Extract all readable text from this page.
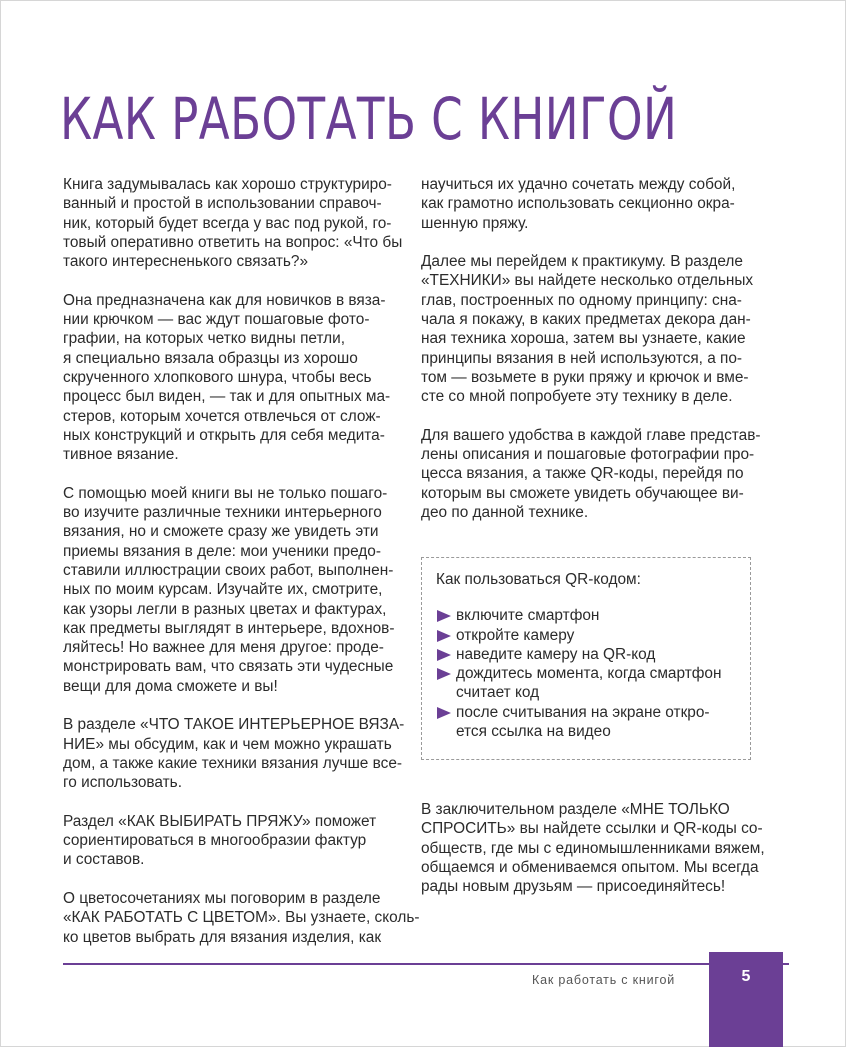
КАК РАБОТАТЬ С КНИГОЙ

Книга задумывалась как хорошо структуриро-
ванный и простой в использовании справоч-
ник, который будет всегда у вас под рукой, го-
товый оперативно ответить на вопрос: «Что бы
такого интересненького связать?»

Она предназначена как для новичков в вяза-
нии крючком — вас ждут пошаговые фото-
графии, на которых четко видны петли,
я специально вязала образцы из хорошо
скрученного хлопкового шнура, чтобы весь
процесс был виден, — так и для опытных ма-
стеров, которым хочется отвлечься от слож-
ных конструкций и открыть для себя медита-
тивное вязание.

С помощью моей книги вы не только пошаго-
во изучите различные техники интерьерного
вязания, но и сможете сразу же увидеть эти
приемы вязания в деле: мои ученики предо-
ставили иллюстрации своих работ, выполнен-
ных по моим курсам. Изучайте их, смотрите,
как узоры легли в разных цветах и фактурах,
как предметы выглядят в интерьере, вдохнов-
ляйтесь! Но важнее для меня другое: проде-
монстрировать вам, что связать эти чудесные
вещи для дома сможете и вы!

В разделе «ЧТО ТАКОЕ ИНТЕРЬЕРНОЕ ВЯЗА-
НИЕ» мы обсудим, как и чем можно украшать
дом, а также какие техники вязания лучше все-
го использовать.

Раздел «КАК ВЫБИРАТЬ ПРЯЖУ» поможет
сориентироваться в многообразии фактур
и составов.

О цветосочетаниях мы поговорим в разделе
«КАК РАБОТАТЬ С ЦВЕТОМ». Вы узнаете, сколь-
ко цветов выбрать для вязания изделия, как

научиться их удачно сочетать между собой,
как грамотно использовать секционно окра-
шенную пряжу.

Далее мы перейдем к практикуму. В разделе
«ТЕХНИКИ» вы найдете несколько отдельных
глав, построенных по одному принципу: сна-
чала я покажу, в каких предметах декора дан-
ная техника хороша, затем вы узнаете, какие
принципы вязания в ней используются, а по-
том — возьмете в руки пряжу и крючок и вме-
сте со мной попробуете эту технику в деле.

Для вашего удобства в каждой главе представ-
лены описания и пошаговые фотографии про-
цесса вязания, а также QR-коды, перейдя по
которым вы сможете увидеть обучающее ви-
део по данной технике.

Как пользоваться QR-кодом:

включите смартфон
откройте камеру
наведите камеру на QR-код
дождитесь момента, когда смартфон
считает код
после считывания на экране откро-
ется ссылка на видео
В заключительном разделе «МНЕ ТОЛЬКО
СПРОСИТЬ» вы найдете ссылки и QR-коды со-
обществ, где мы с единомышленниками вяжем,
общаемся и обмениваемся опытом. Мы всегда
рады новым друзьям — присоединяйтесь!
Как работать с книгой	5
